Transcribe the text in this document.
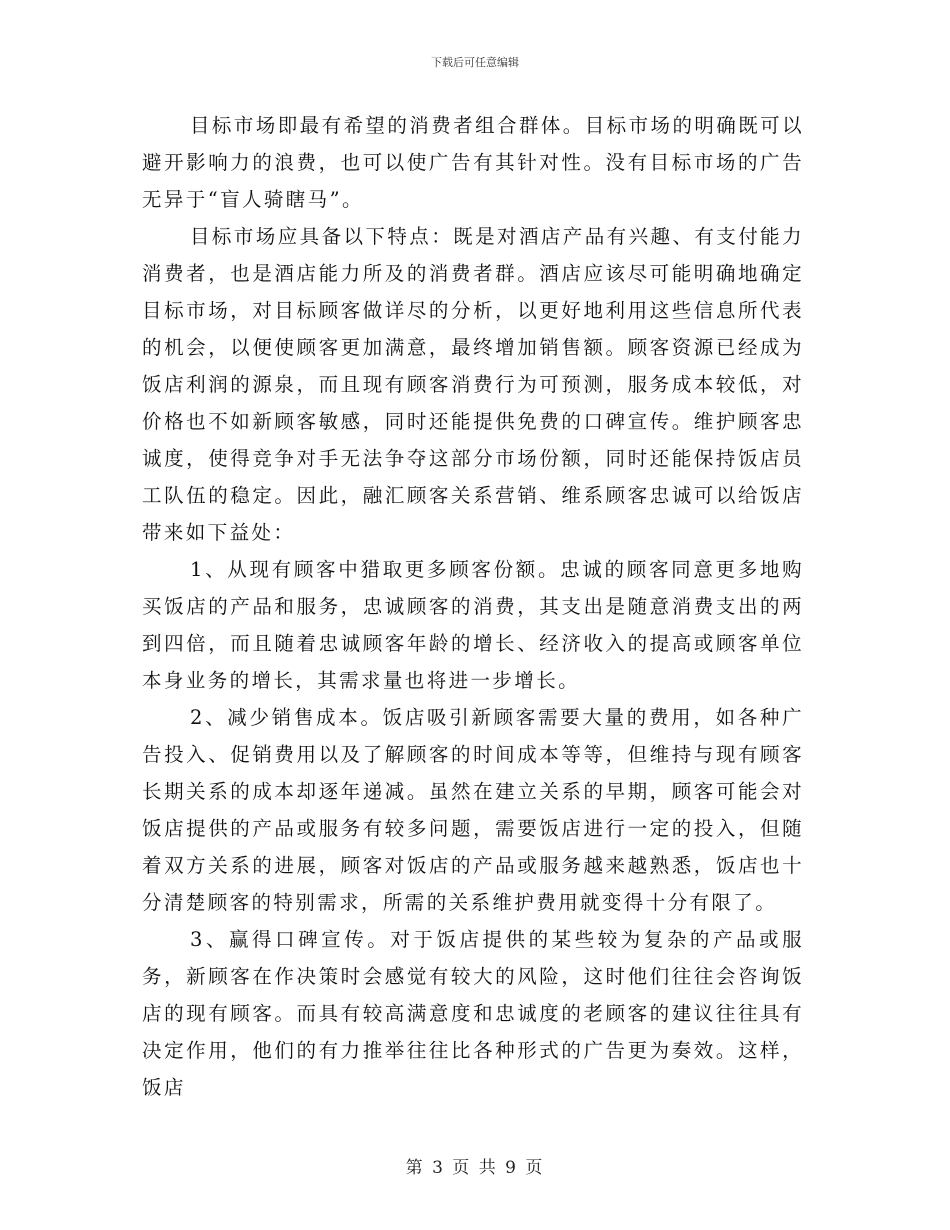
下载后可任意编辑

目标市场即最有希望的消费者组合群体。目标市场的明确既可以避开影响力的浪费，也可以使广告有其针对性。没有目标市场的广告无异于“盲人骑瞎马”。

目标市场应具备以下特点：既是对酒店产品有兴趣、有支付能力消费者，也是酒店能力所及的消费者群。酒店应该尽可能明确地确定目标市场，对目标顾客做详尽的分析，以更好地利用这些信息所代表的机会，以便使顾客更加满意，最终增加销售额。顾客资源已经成为饭店利润的源泉，而且现有顾客消费行为可预测，服务成本较低，对价格也不如新顾客敏感，同时还能提供免费的口碑宣传。维护顾客忠诚度，使得竞争对手无法争夺这部分市场份额，同时还能保持饭店员工队伍的稳定。因此，融汇顾客关系营销、维系顾客忠诚可以给饭店带来如下益处：

1、从现有顾客中猎取更多顾客份额。忠诚的顾客同意更多地购买饭店的产品和服务，忠诚顾客的消费，其支出是随意消费支出的两到四倍，而且随着忠诚顾客年龄的增长、经济收入的提高或顾客单位本身业务的增长，其需求量也将进一步增长。

2、减少销售成本。饭店吸引新顾客需要大量的费用，如各种广告投入、促销费用以及了解顾客的时间成本等等，但维持与现有顾客长期关系的成本却逐年递减。虽然在建立关系的早期，顾客可能会对饭店提供的产品或服务有较多问题，需要饭店进行一定的投入，但随着双方关系的进展，顾客对饭店的产品或服务越来越熟悉，饭店也十分清楚顾客的特别需求，所需的关系维护费用就变得十分有限了。

3、赢得口碑宣传。对于饭店提供的某些较为复杂的产品或服务，新顾客在作决策时会感觉有较大的风险，这时他们往往会咨询饭店的现有顾客。而具有较高满意度和忠诚度的老顾客的建议往往具有决定作用，他们的有力推举往往比各种形式的广告更为奏效。这样，饭店

第 3 页 共 9 页
